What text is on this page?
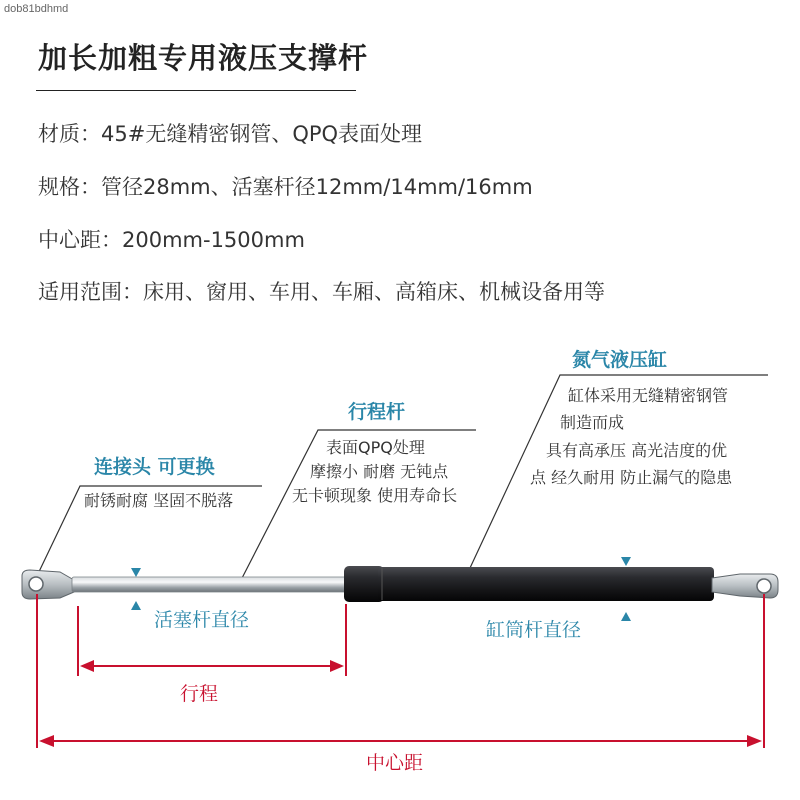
dob81bdhmd
加长加粗专用液压支撑杆
材质：45#无缝精密钢管、QPQ表面处理
规格：管径28mm、活塞杆径12mm/14mm/16mm
中心距：200mm-1500mm
适用范围：床用、窗用、车用、车厢、高箱床、机械设备用等
连接头 可更换
耐锈耐腐 坚固不脱落
行程杆
表面QPQ处理
摩擦小 耐磨 无钝点
无卡顿现象 使用寿命长
氮气液压缸
缸体采用无缝精密钢管
制造而成
具有高承压 高光洁度的优
点 经久耐用 防止漏气的隐患
活塞杆直径	缸筒杆直径
行程
中心距
